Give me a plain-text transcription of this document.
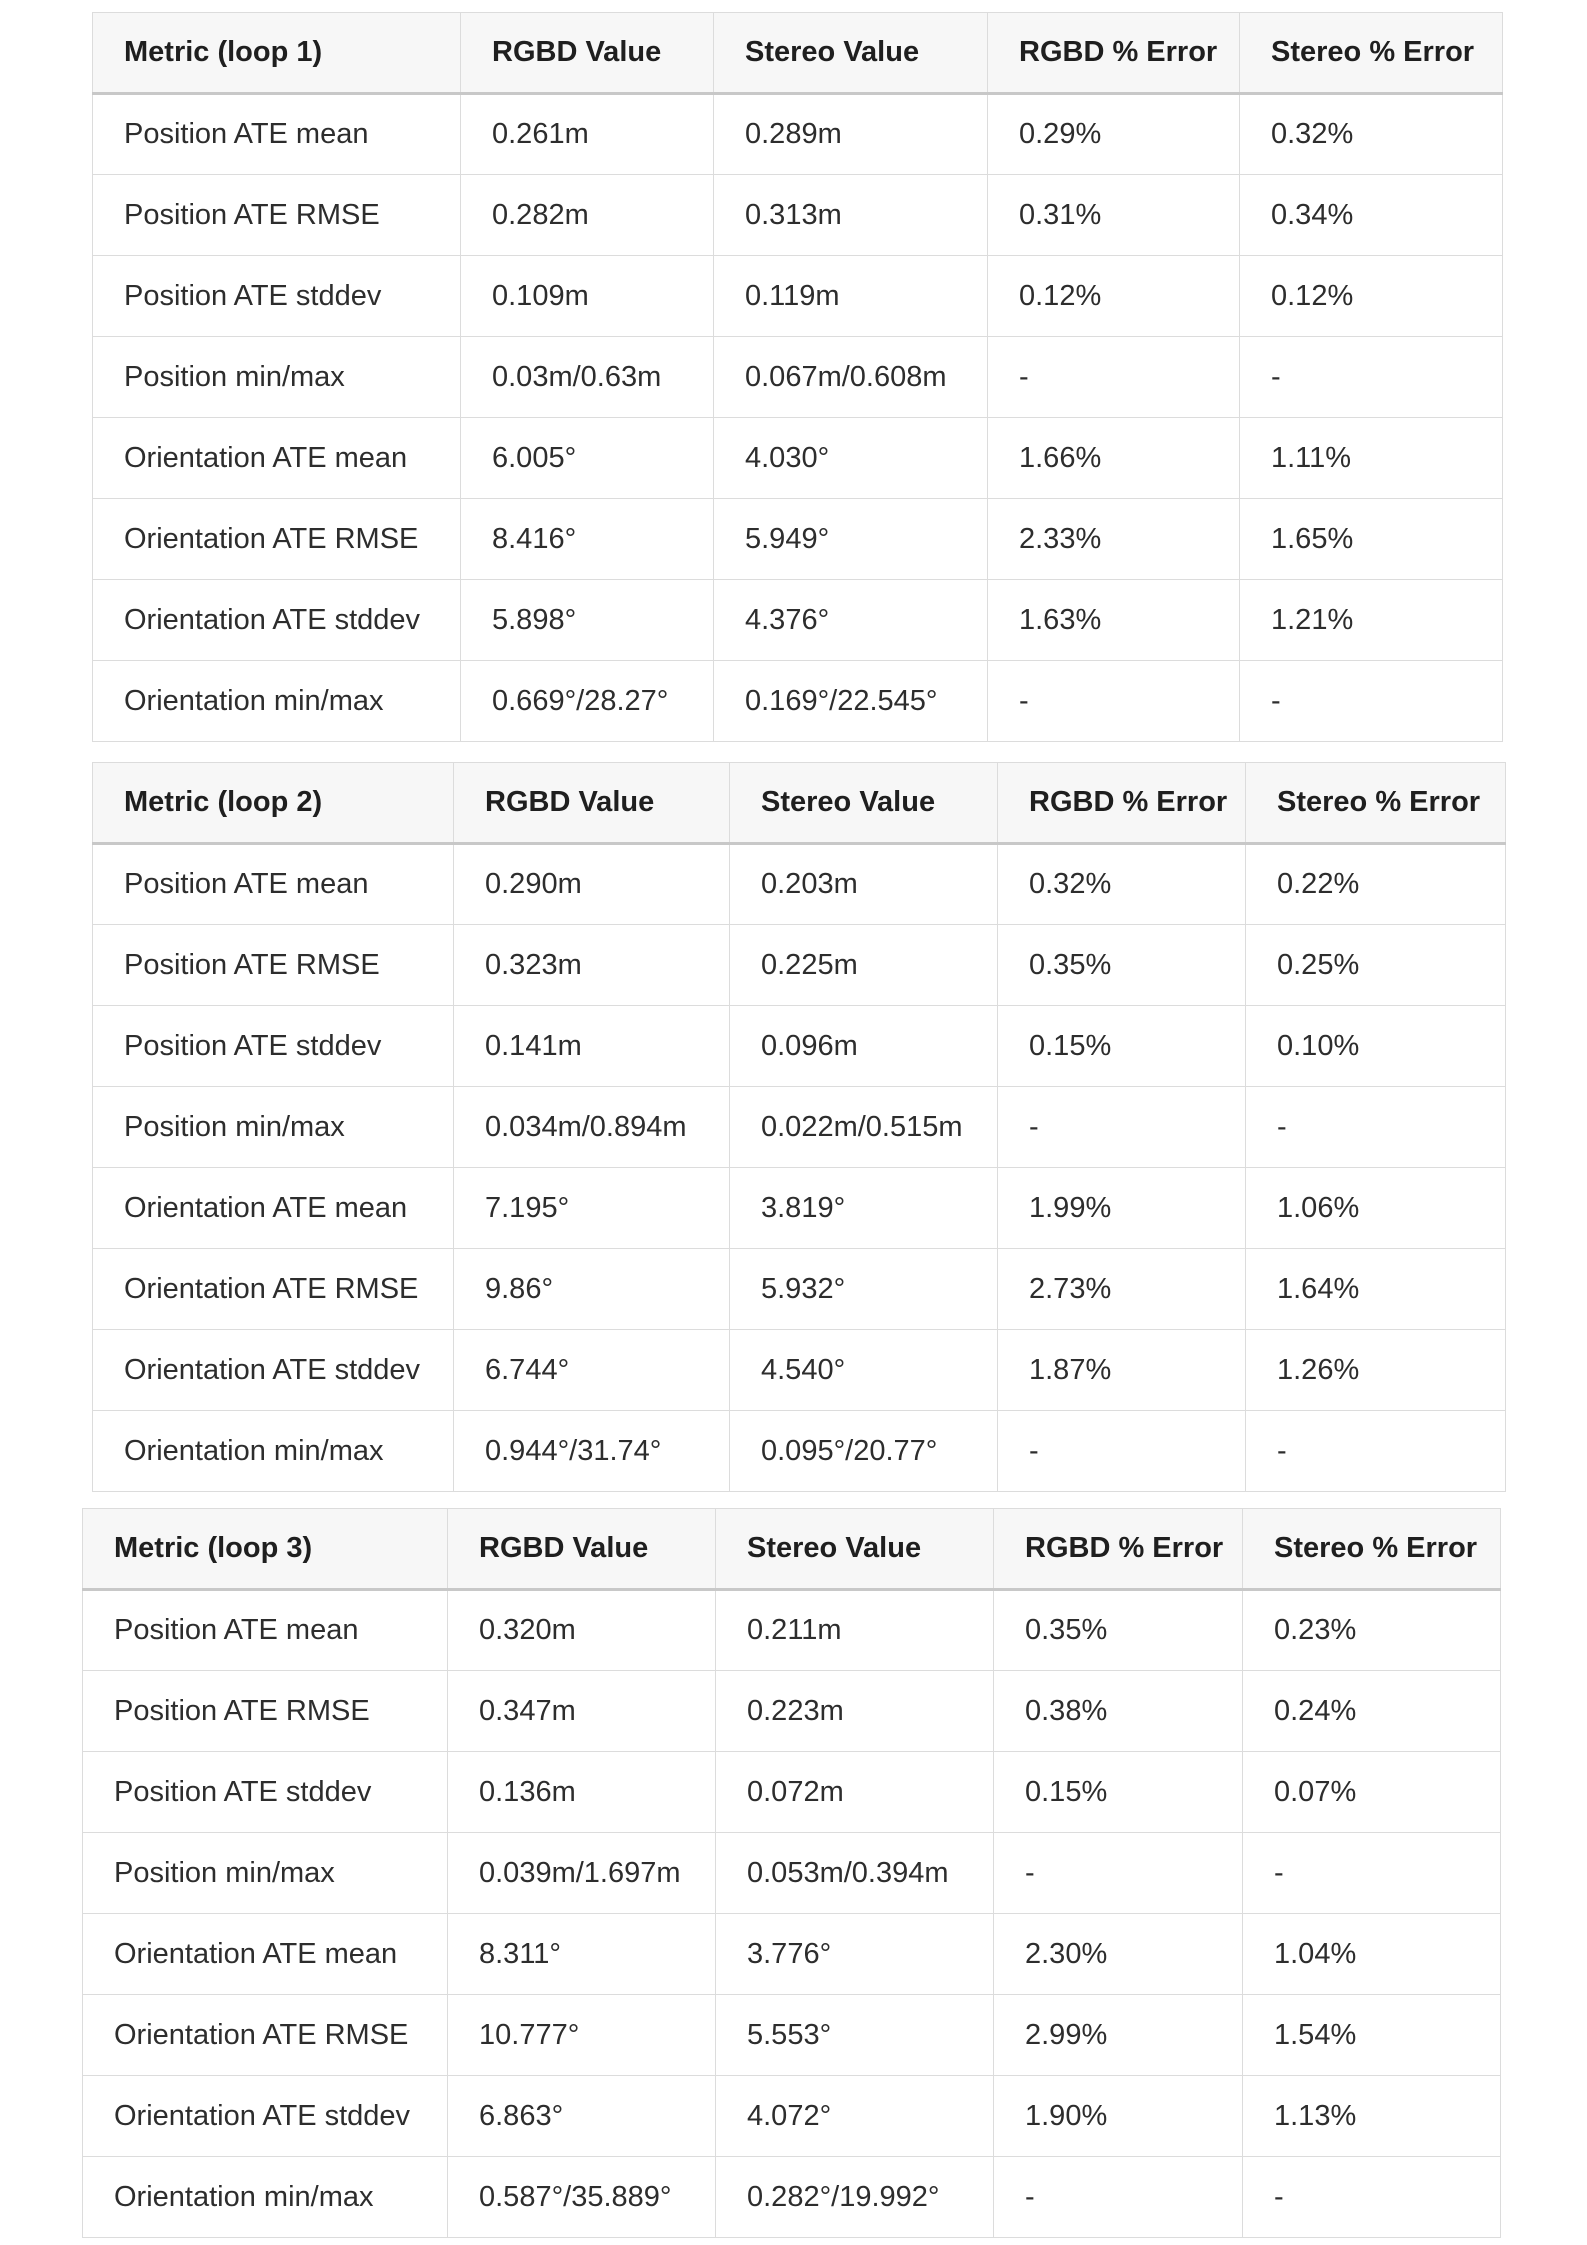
Metric (loop 1)	RGBD Value	Stereo Value	RGBD % Error	Stereo % Error
Position ATE mean	0.261m	0.289m	0.29%	0.32%
Position ATE RMSE	0.282m	0.313m	0.31%	0.34%
Position ATE stddev	0.109m	0.119m	0.12%	0.12%
Position min/max	0.03m/0.63m	0.067m/0.608m	-	-
Orientation ATE mean	6.005°	4.030°	1.66%	1.11%
Orientation ATE RMSE	8.416°	5.949°	2.33%	1.65%
Orientation ATE stddev	5.898°	4.376°	1.63%	1.21%
Orientation min/max	0.669°/28.27°	0.169°/22.545°	-	-
Metric (loop 2)	RGBD Value	Stereo Value	RGBD % Error	Stereo % Error
Position ATE mean	0.290m	0.203m	0.32%	0.22%
Position ATE RMSE	0.323m	0.225m	0.35%	0.25%
Position ATE stddev	0.141m	0.096m	0.15%	0.10%
Position min/max	0.034m/0.894m	0.022m/0.515m	-	-
Orientation ATE mean	7.195°	3.819°	1.99%	1.06%
Orientation ATE RMSE	9.86°	5.932°	2.73%	1.64%
Orientation ATE stddev	6.744°	4.540°	1.87%	1.26%
Orientation min/max	0.944°/31.74°	0.095°/20.77°	-	-
Metric (loop 3)	RGBD Value	Stereo Value	RGBD % Error	Stereo % Error
Position ATE mean	0.320m	0.211m	0.35%	0.23%
Position ATE RMSE	0.347m	0.223m	0.38%	0.24%
Position ATE stddev	0.136m	0.072m	0.15%	0.07%
Position min/max	0.039m/1.697m	0.053m/0.394m	-	-
Orientation ATE mean	8.311°	3.776°	2.30%	1.04%
Orientation ATE RMSE	10.777°	5.553°	2.99%	1.54%
Orientation ATE stddev	6.863°	4.072°	1.90%	1.13%
Orientation min/max	0.587°/35.889°	0.282°/19.992°	-	-
